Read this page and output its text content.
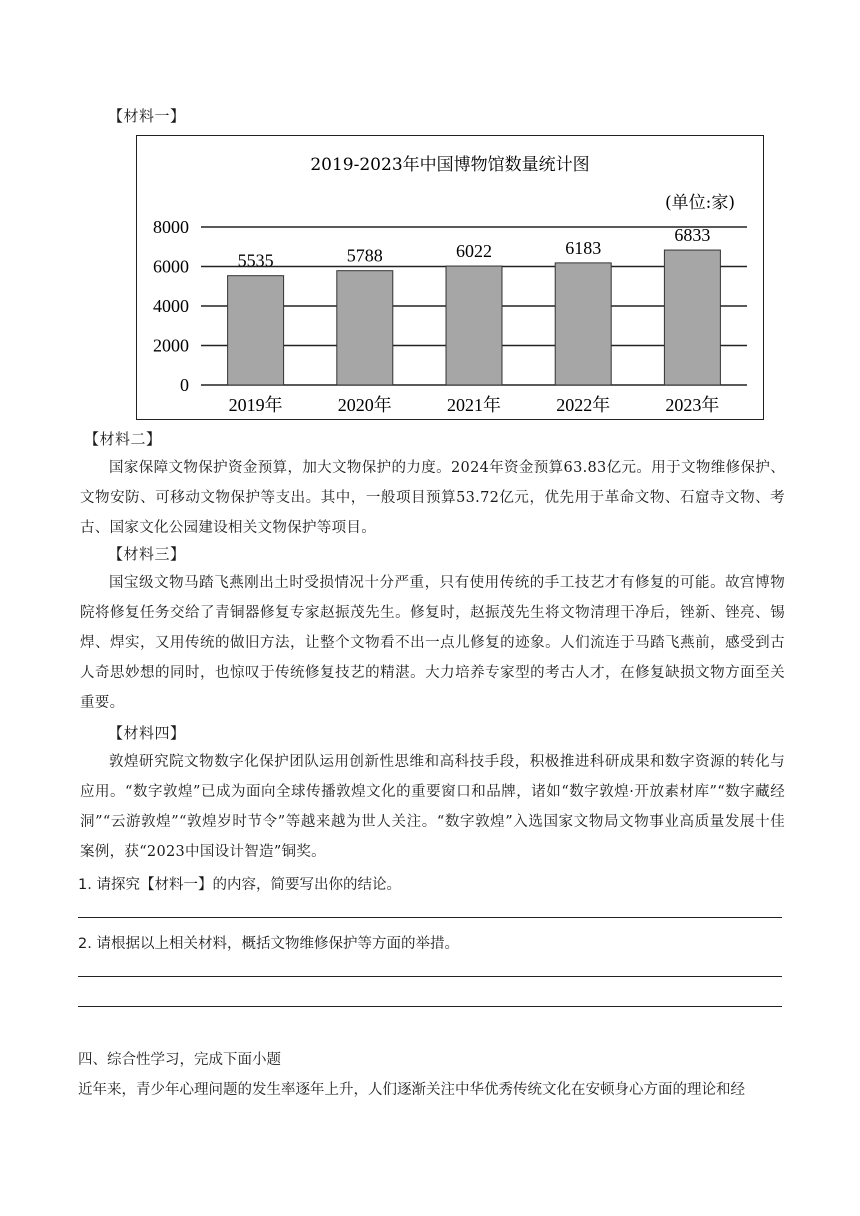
【材料一】
2019-2023年中国博物馆数量统计图
(单位:家)
0
2000
4000
6000
8000
2019年	2020年	2021年	2022年	2023年
5535	5788	6022	6183
6833
【材料二】

国家保障文物保护资金预算，加大文物保护的力度。2024年资金预算63.83亿元。用于文物维修保护、文物安防、可移动文物保护等支出。其中，一般项目预算53.72亿元，优先用于革命文物、石窟寺文物、考古、国家文化公园建设相关文物保护等项目。

【材料三】

国宝级文物马踏飞燕刚出土时受损情况十分严重，只有使用传统的手工技艺才有修复的可能。故宫博物院将修复任务交给了青铜器修复专家赵振茂先生。修复时，赵振茂先生将文物清理干净后，锉新、锉亮、锡焊、焊实，又用传统的做旧方法，让整个文物看不出一点儿修复的迹象。人们流连于马踏飞燕前，感受到古人奇思妙想的同时，也惊叹于传统修复技艺的精湛。大力培养专家型的考古人才，在修复缺损文物方面至关重要。

【材料四】

敦煌研究院文物数字化保护团队运用创新性思维和高科技手段，积极推进科研成果和数字资源的转化与应用。“数字敦煌”已成为面向全球传播敦煌文化的重要窗口和品牌，诸如“数字敦煌·开放素材库”“数字藏经洞”“云游敦煌”“敦煌岁时节令”等越来越为世人关注。“数字敦煌”入选国家文物局文物事业高质量发展十佳案例，获“2023中国设计智造”铜奖。

1. 请探究【材料一】的内容，简要写出你的结论。
2. 请根据以上相关材料，概括文物维修保护等方面的举措。
四、综合性学习，完成下面小题
近年来，青少年心理问题的发生率逐年上升，人们逐渐关注中华优秀传统文化在安顿身心方面的理论和经
